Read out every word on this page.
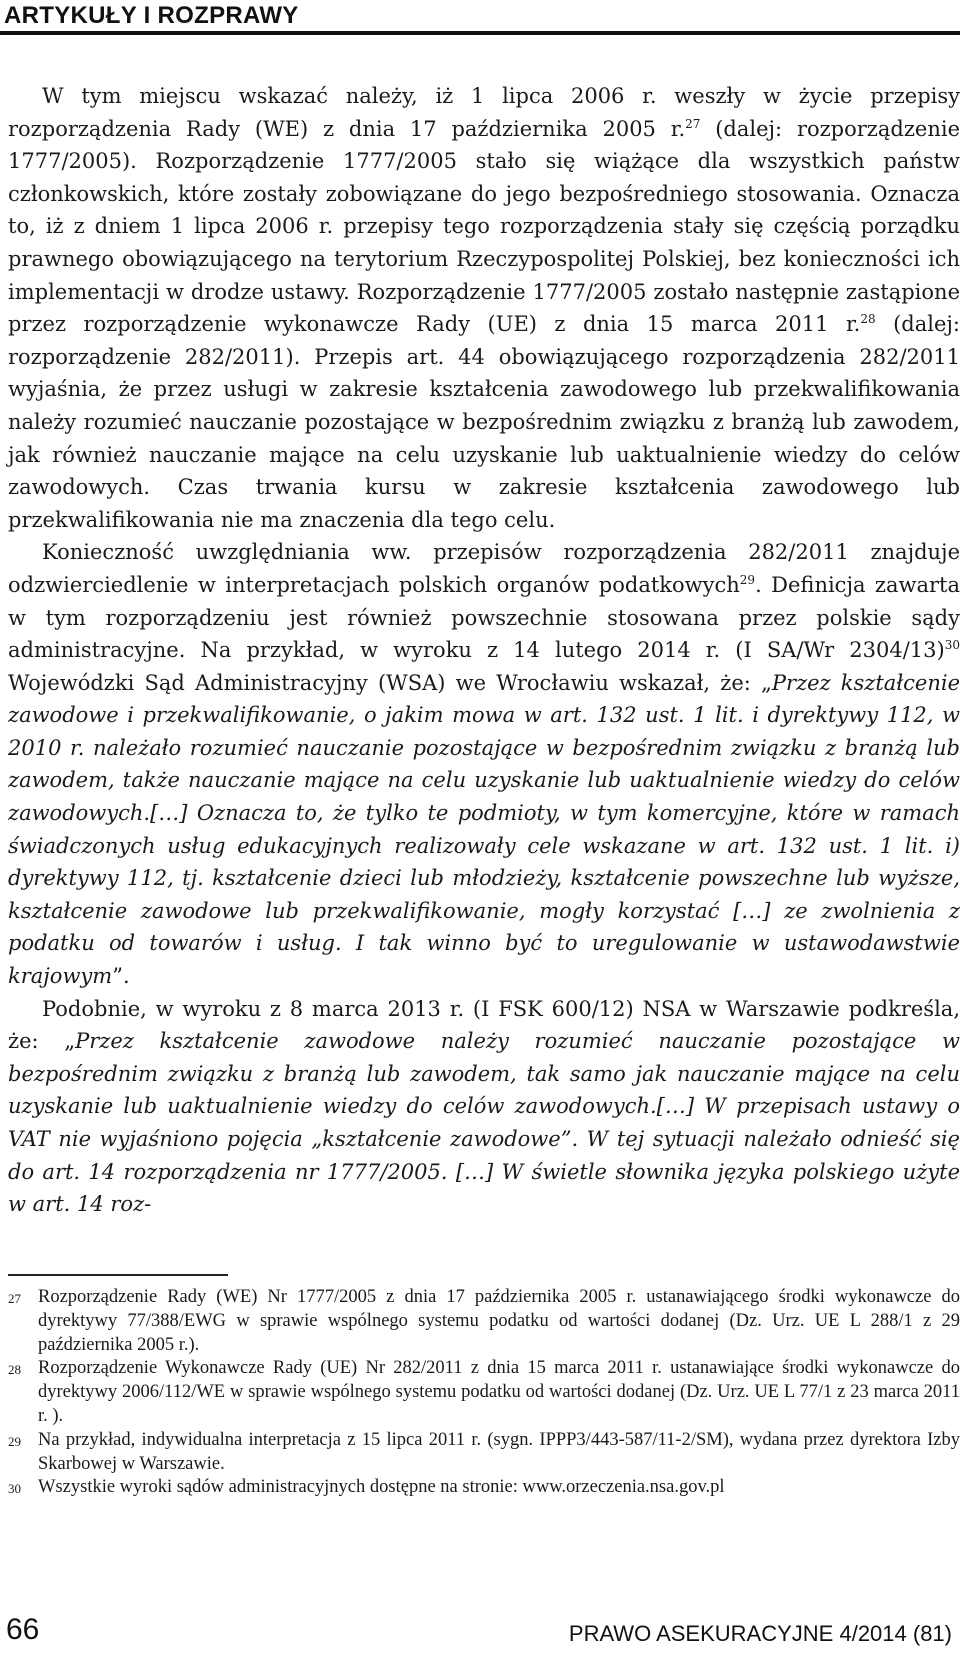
ARTYKUŁY I ROZPRAWY

W tym miejscu wskazać należy, iż 1 lipca 2006 r. weszły w życie przepisy rozporządzenia Rady (WE) z dnia 17 października 2005 r.$^{27}$ (dalej: rozporządzenie 1777/2005). Rozporządzenie 1777/2005 stało się wiążące dla wszystkich państw członkowskich, które zostały zobowiązane do jego bezpośredniego stosowania. Oznacza to, iż z dniem 1 lipca 2006 r. przepisy tego rozporządzenia stały się częścią porządku prawnego obowiązującego na terytorium Rzeczypospolitej Polskiej, bez konieczności ich implementacji w drodze ustawy. Rozporządzenie 1777/2005 zostało następnie zastąpione przez rozporządzenie wykonawcze Rady (UE) z dnia 15 marca 2011 r.$^{28}$ (dalej: rozporządzenie 282/2011). Przepis art. 44 obowiązującego rozporządzenia 282/2011 wyjaśnia, że przez usługi w zakresie kształcenia zawodowego lub przekwalifikowania należy rozumieć nauczanie pozostające w bezpośrednim związku z branżą lub zawodem, jak również nauczanie mające na celu uzyskanie lub uaktualnienie wiedzy do celów zawodowych. Czas trwania kursu w zakresie kształcenia zawodowego lub przekwalifikowania nie ma znaczenia dla tego celu.

Konieczność uwzględniania ww. przepisów rozporządzenia 282/2011 znajduje odzwierciedlenie w interpretacjach polskich organów podatkowych$^{29}$. Definicja zawarta w tym rozporządzeniu jest również powszechnie stosowana przez polskie sądy administracyjne. Na przykład, w wyroku z 14 lutego 2014 r. (I SA/Wr 2304/13)$^{30}$ Wojewódzki Sąd Administracyjny (WSA) we Wrocławiu wskazał, że: „Przez kształcenie zawodowe i przekwalifikowanie, o jakim mowa w art. 132 ust. 1 lit. i dyrektywy 112, w 2010 r. należało rozumieć nauczanie pozostające w bezpośrednim związku z branżą lub zawodem, także nauczanie mające na celu uzyskanie lub uaktualnienie wiedzy do celów zawodowych.[…] Oznacza to, że tylko te podmioty, w tym komercyjne, które w ramach świadczonych usług edukacyjnych realizowały cele wskazane w art. 132 ust. 1 lit. i) dyrektywy 112, tj. kształcenie dzieci lub młodzieży, kształcenie powszechne lub wyższe, kształcenie zawodowe lub przekwalifikowanie, mogły korzystać […] ze zwolnienia z podatku od towarów i usług. I tak winno być to uregulowanie w ustawodawstwie krajowym”.

Podobnie, w wyroku z 8 marca 2013 r. (I FSK 600/12) NSA w Warszawie podkreśla, że: „Przez kształcenie zawodowe należy rozumieć nauczanie pozostające w bezpośrednim związku z branżą lub zawodem, tak samo jak nauczanie mające na celu uzyskanie lub uaktualnienie wiedzy do celów zawodowych.[…] W przepisach ustawy o VAT nie wyjaśniono pojęcia „kształcenie zawodowe”. W tej sytuacji należało odnieść się do art. 14 rozporządzenia nr 1777/2005. […] W świetle słownika języka polskiego użyte w art. 14 roz-

27 Rozporządzenie Rady (WE) Nr 1777/2005 z dnia 17 października 2005 r. ustanawiającego środki wykonawcze do dyrektywy 77/388/EWG w sprawie wspólnego systemu podatku od wartości dodanej (Dz. Urz. UE L 288/1 z 29 października 2005 r.).
28 Rozporządzenie Wykonawcze Rady (UE) Nr 282/2011 z dnia 15 marca 2011 r. ustanawiające środki wykonawcze do dyrektywy 2006/112/WE w sprawie wspólnego systemu podatku od wartości dodanej (Dz. Urz. UE L 77/1 z 23 marca 2011 r. ).
29 Na przykład, indywidualna interpretacja z 15 lipca 2011 r. (sygn. IPPP3/443-587/11-2/SM), wydana przez dyrektora Izby Skarbowej w Warszawie.
30 Wszystkie wyroki sądów administracyjnych dostępne na stronie: www.orzeczenia.nsa.gov.pl
66	PRAWO ASEKURACYJNE 4/2014 (81)
